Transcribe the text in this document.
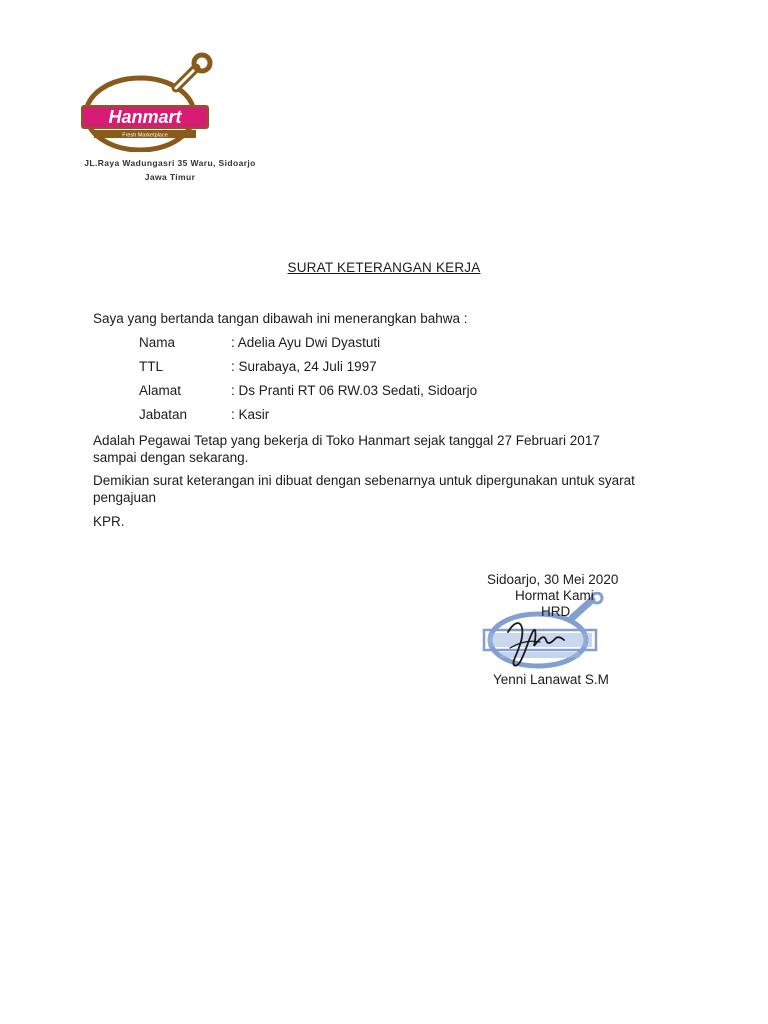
Hanmart
Fresh Marketplace
JL.Raya Wadungasri 35 Waru, Sidoarjo
Jawa Timur
SURAT KETERANGAN KERJA
Saya yang bertanda tangan dibawah ini menerangkan bahwa :
Nama	: Adelia Ayu Dwi Dyastuti
TTL	: Surabaya, 24 Juli 1997
Alamat	: Ds Pranti RT 06 RW.03 Sedati, Sidoarjo
Jabatan	: Kasir
Adalah Pegawai Tetap yang bekerja di Toko Hanmart sejak tanggal 27 Februari 2017
sampai dengan sekarang.
Demikian surat keterangan ini dibuat dengan sebenarnya untuk dipergunakan untuk syarat
pengajuan
KPR.
Sidoarjo, 30 Mei 2020
Hormat Kami
HRD
Yenni Lanawat S.M
